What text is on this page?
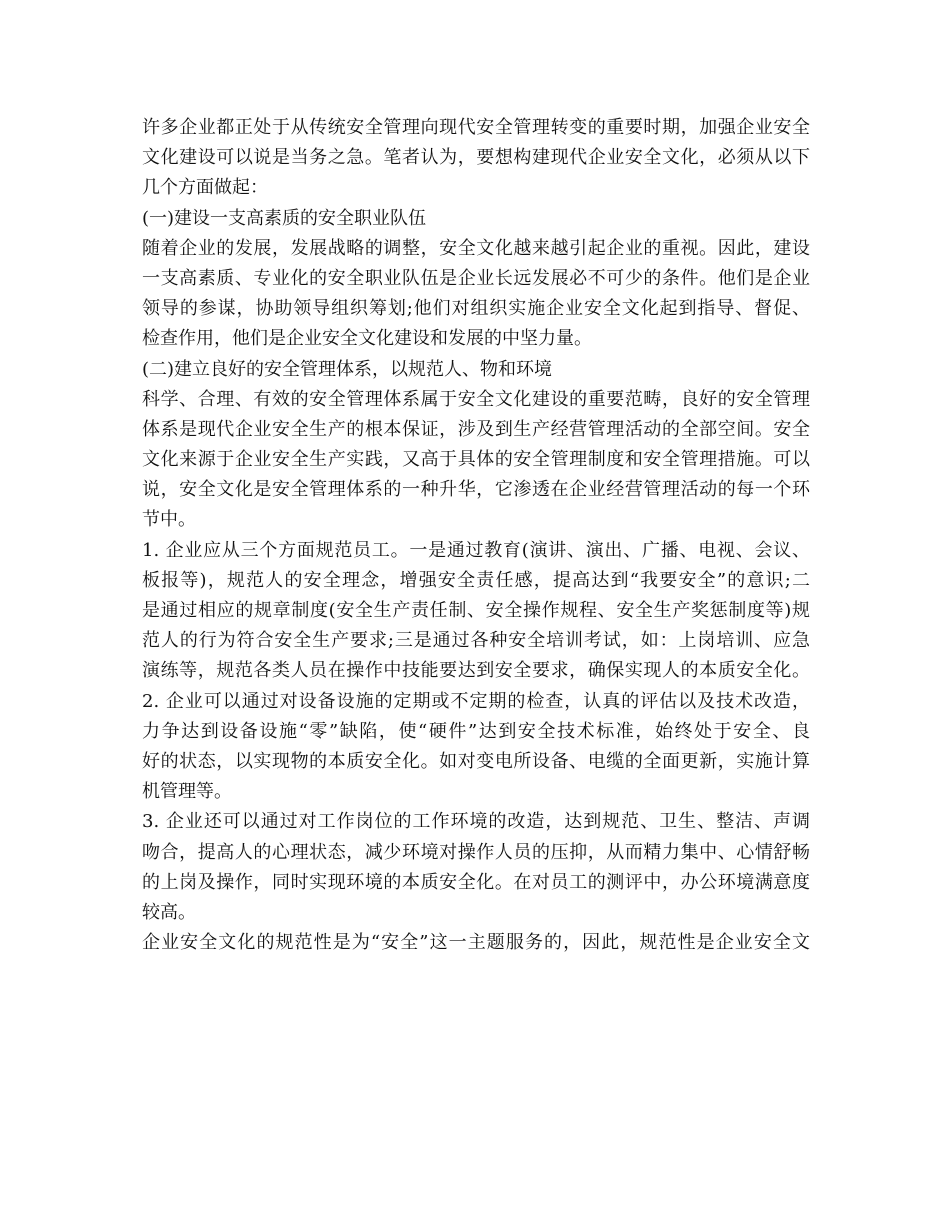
许多企业都正处于从传统安全管理向现代安全管理转变的重要时期，加强企业安全
文化建设可以说是当务之急。笔者认为，要想构建现代企业安全文化，必须从以下
几个方面做起：
(一)建设一支高素质的安全职业队伍
随着企业的发展，发展战略的调整，安全文化越来越引起企业的重视。因此，建设
一支高素质、专业化的安全职业队伍是企业长远发展必不可少的条件。他们是企业
领导的参谋，协助领导组织筹划;他们对组织实施企业安全文化起到指导、督促、
检查作用，他们是企业安全文化建设和发展的中坚力量。
(二)建立良好的安全管理体系，以规范人、物和环境
科学、合理、有效的安全管理体系属于安全文化建设的重要范畴，良好的安全管理
体系是现代企业安全生产的根本保证，涉及到生产经营管理活动的全部空间。安全
文化来源于企业安全生产实践，又高于具体的安全管理制度和安全管理措施。可以
说，安全文化是安全管理体系的一种升华，它渗透在企业经营管理活动的每一个环
节中。
1. 企业应从三个方面规范员工。一是通过教育(演讲、演出、广播、电视、会议、
板报等)，规范人的安全理念，增强安全责任感，提高达到“我要安全”的意识;二
是通过相应的规章制度(安全生产责任制、安全操作规程、安全生产奖惩制度等)规
范人的行为符合安全生产要求;三是通过各种安全培训考试，如：上岗培训、应急
演练等，规范各类人员在操作中技能要达到安全要求，确保实现人的本质安全化。
2. 企业可以通过对设备设施的定期或不定期的检查，认真的评估以及技术改造，
力争达到设备设施“零”缺陷，使“硬件”达到安全技术标准，始终处于安全、良
好的状态，以实现物的本质安全化。如对变电所设备、电缆的全面更新，实施计算
机管理等。
3. 企业还可以通过对工作岗位的工作环境的改造，达到规范、卫生、整洁、声调
吻合，提高人的心理状态，减少环境对操作人员的压抑，从而精力集中、心情舒畅
的上岗及操作，同时实现环境的本质安全化。在对员工的测评中，办公环境满意度
较高。
企业安全文化的规范性是为“安全”这一主题服务的，因此，规范性是企业安全文
